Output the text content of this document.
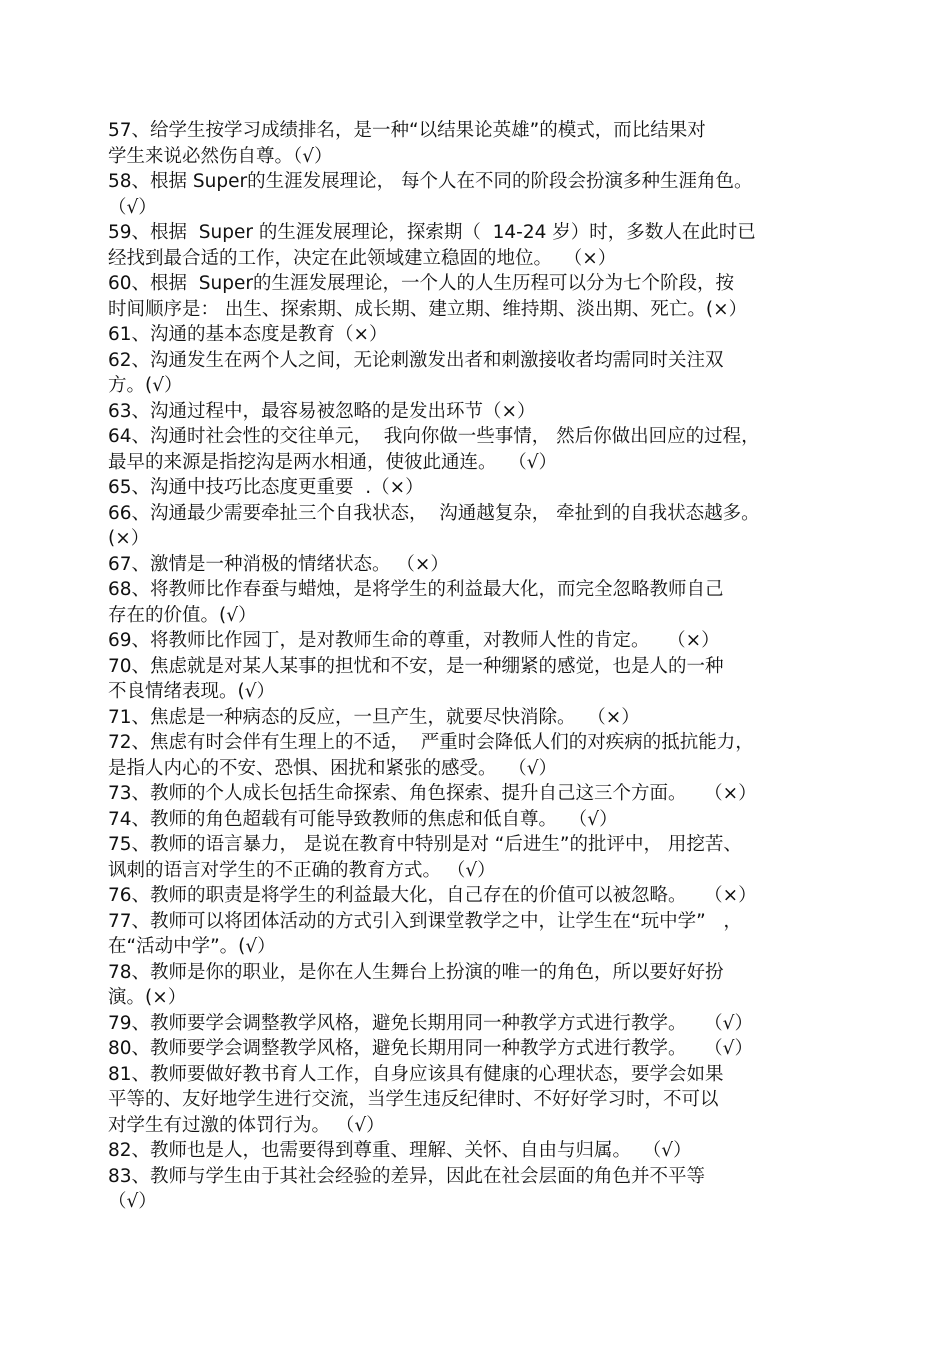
57、给学生按学习成绩排名，是一种“以结果论英雄”的模式，而比结果对
学生来说必然伤自尊。（√）
58、根据 Super的生涯发展理论， 每个人在不同的阶段会扮演多种生涯角色。
（√）
59、根据  Super 的生涯发展理论，探索期（  14-24 岁）时，多数人在此时已
经找到最合适的工作，决定在此领域建立稳固的地位。  （×）
60、根据  Super的生涯发展理论，一个人的人生历程可以分为七个阶段，按
时间顺序是： 出生、探索期、成长期、建立期、维持期、淡出期、死亡。(×）
61、沟通的基本态度是教育（×）
62、沟通发生在两个人之间，无论刺激发出者和刺激接收者均需同时关注双
方。(√）
63、沟通过程中，最容易被忽略的是发出环节（×）
64、沟通时社会性的交往单元，  我向你做一些事情， 然后你做出回应的过程，
最早的来源是指挖沟是两水相通，使彼此通连。  （√）
65、沟通中技巧比态度更重要  .（×）
66、沟通最少需要牵扯三个自我状态，  沟通越复杂， 牵扯到的自我状态越多。
(×）
67、激情是一种消极的情绪状态。 （×）
68、将教师比作春蚕与蜡烛，是将学生的利益最大化，而完全忽略教师自己
存在的价值。(√）
69、将教师比作园丁，是对教师生命的尊重，对教师人性的肯定。   （×）
70、焦虑就是对某人某事的担忧和不安，是一种绷紧的感觉，也是人的一种
不良情绪表现。(√）
71、焦虑是一种病态的反应，一旦产生，就要尽快消除。  （×）
72、焦虑有时会伴有生理上的不适，  严重时会降低人们的对疾病的抵抗能力，
是指人内心的不安、恐惧、困扰和紧张的感受。  （√）
73、教师的个人成长包括生命探索、角色探索、提升自己这三个方面。   （×）
74、教师的角色超载有可能导致教师的焦虑和低自尊。  （√）
75、教师的语言暴力， 是说在教育中特别是对 “后进生”的批评中， 用挖苦、
讽刺的语言对学生的不正确的教育方式。 （√）
76、教师的职责是将学生的利益最大化，自己存在的价值可以被忽略。   （×）
77、教师可以将团体活动的方式引入到课堂教学之中，让学生在“玩中学”   ，
在“活动中学”。(√）
78、教师是你的职业，是你在人生舞台上扮演的唯一的角色，所以要好好扮
演。(×）
79、教师要学会调整教学风格，避免长期用同一种教学方式进行教学。   （√）
80、教师要学会调整教学风格，避免长期用同一种教学方式进行教学。   （√）
81、教师要做好教书育人工作，自身应该具有健康的心理状态，要学会如果
平等的、友好地学生进行交流，当学生违反纪律时、不好好学习时，不可以
对学生有过激的体罚行为。 （√）
82、教师也是人，也需要得到尊重、理解、关怀、自由与归属。  （√）
83、教师与学生由于其社会经验的差异，因此在社会层面的角色并不平等
（√）
